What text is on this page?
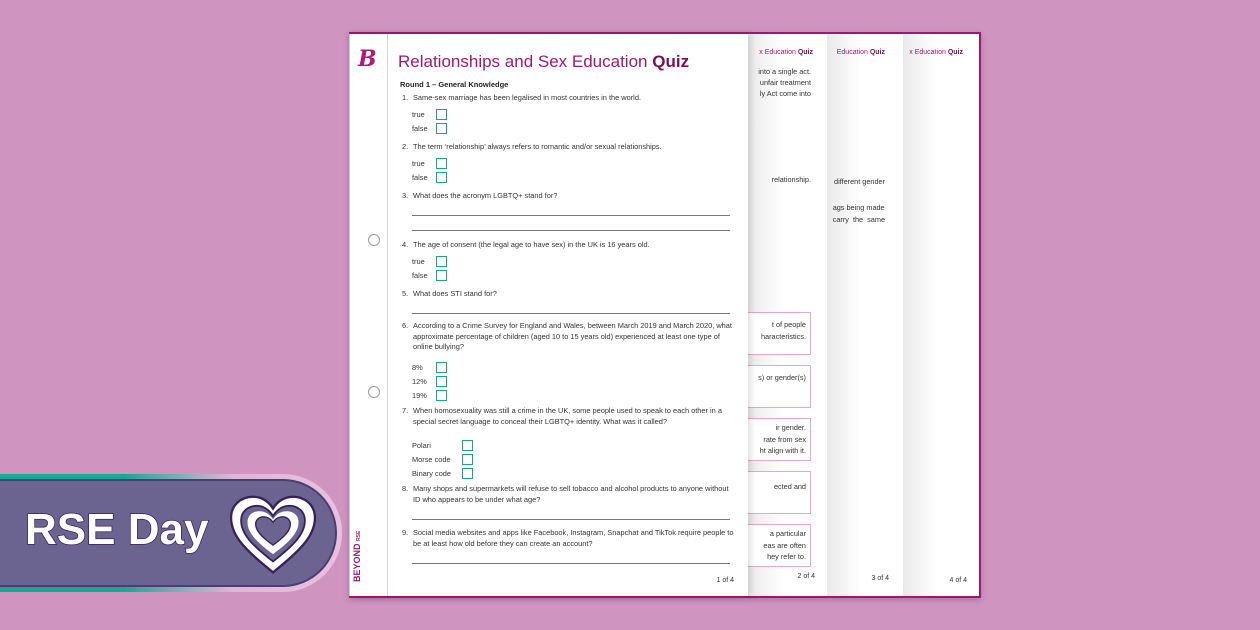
x Education Quiz
4 of 4
Education Quiz
different gender
ags being made
carry  the  same
3 of 4
x Education Quiz
into a single act.
unfair treatment
ly Act come into
relationship.
t of people
haracteristics.
s) or gender(s)
ir gender.
rate from sex
ht align with it.
ected and
a particular
eas are often
hey refer to.
2 of 4
B
BEYOND RSE
Relationships and Sex Education Quiz
Round 1 – General Knowledge
1. Same-sex marriage has been legalised in most countries in the world.
true
false
2. The term ‘relationship’ always refers to romantic and/or sexual relationships.
true
false
3. What does the acronym LGBTQ+ stand for?
4. The age of consent (the legal age to have sex) in the UK is 16 years old.
true
false
5. What does STI stand for?
6. According to a Crime Survey for England and Wales, between March 2019 and March 2020, what approximate percentage of children (aged 10 to 15 years old) experienced at least one type of online bullying?
8%
12%
19%
7. When homosexuality was still a crime in the UK, some people used to speak to each other in a special secret language to conceal their LGBTQ+ identity. What was it called?
Polari
Morse code
Binary code
8. Many shops and supermarkets will refuse to sell tobacco and alcohol products to anyone without ID who appears to be under what age?
9. Social media websites and apps like Facebook, Instagram, Snapchat and TikTok require people to be at least how old before they can create an account?
1 of 4
RSE Day
